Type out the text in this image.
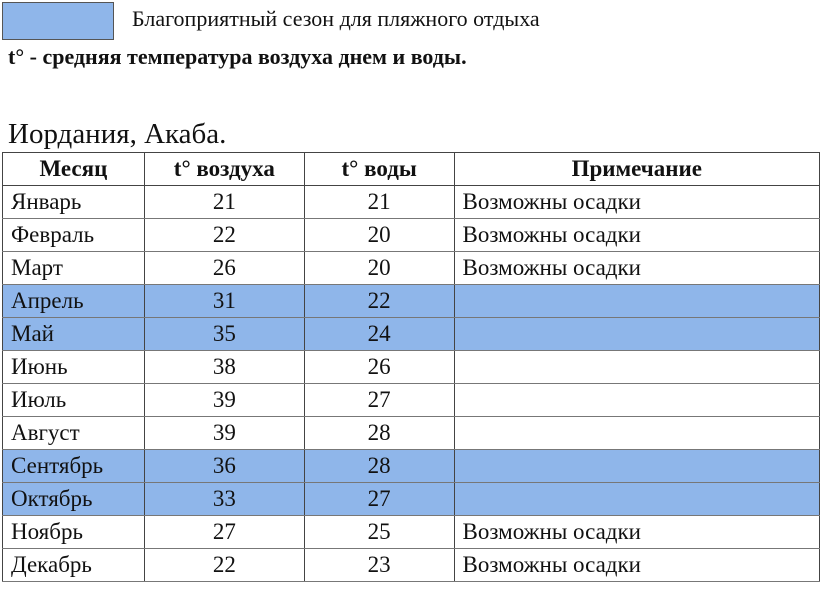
Благоприятный сезон для пляжного отдыха
t° - средняя температура воздуха днем и воды.
Иордания, Акаба.
Месяц	t° воздуха	t° воды	Примечание
Январь	21	21	Возможны осадки
Февраль	22	20	Возможны осадки
Март	26	20	Возможны осадки
Апрель	31	22	
Май	35	24	
Июнь	38	26	
Июль	39	27	
Август	39	28	
Сентябрь	36	28	
Октябрь	33	27	
Ноябрь	27	25	Возможны осадки
Декабрь	22	23	Возможны осадки
